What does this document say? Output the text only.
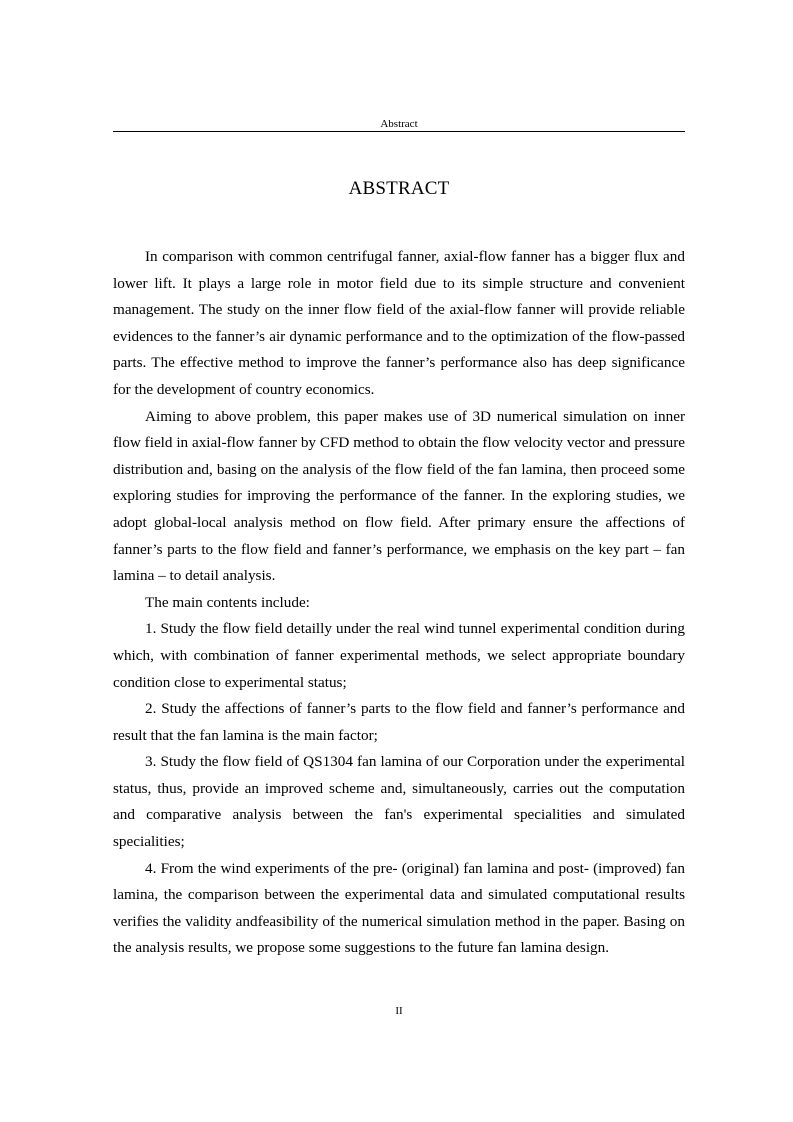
Abstract
ABSTRACT

In comparison with common centrifugal fanner, axial-flow fanner has a bigger flux and lower lift. It plays a large role in motor field due to its simple structure and convenient management. The study on the inner flow field of the axial-flow fanner will provide reliable evidences to the fanner’s air dynamic performance and to the optimization of the flow-passed parts. The effective method to improve the fanner’s performance also has deep significance for the development of country economics.

Aiming to above problem, this paper makes use of 3D numerical simulation on inner flow field in axial-flow fanner by CFD method to obtain the flow velocity vector and pressure distribution and, basing on the analysis of the flow field of the fan lamina, then proceed some exploring studies for improving the performance of the fanner. In the exploring studies, we adopt global-local analysis method on flow field. After primary ensure the affections of fanner’s parts to the flow field and fanner’s performance, we emphasis on the key part – fan lamina – to detail analysis.

The main contents include:

1. Study the flow field detailly under the real wind tunnel experimental condition during which, with combination of fanner experimental methods, we select appropriate boundary condition close to experimental status;

2. Study the affections of fanner’s parts to the flow field and fanner’s performance and result that the fan lamina is the main factor;

3. Study the flow field of QS1304 fan lamina of our Corporation under the experimental status, thus, provide an improved scheme and, simultaneously, carries out the computation and comparative analysis between the fan's experimental specialities and simulated specialities;

4. From the wind experiments of the pre- (original) fan lamina and post- (improved) fan lamina, the comparison between the experimental data and simulated computational results verifies the validity andfeasibility of the numerical simulation method in the paper. Basing on the analysis results, we propose some suggestions to the future fan lamina design.

II
